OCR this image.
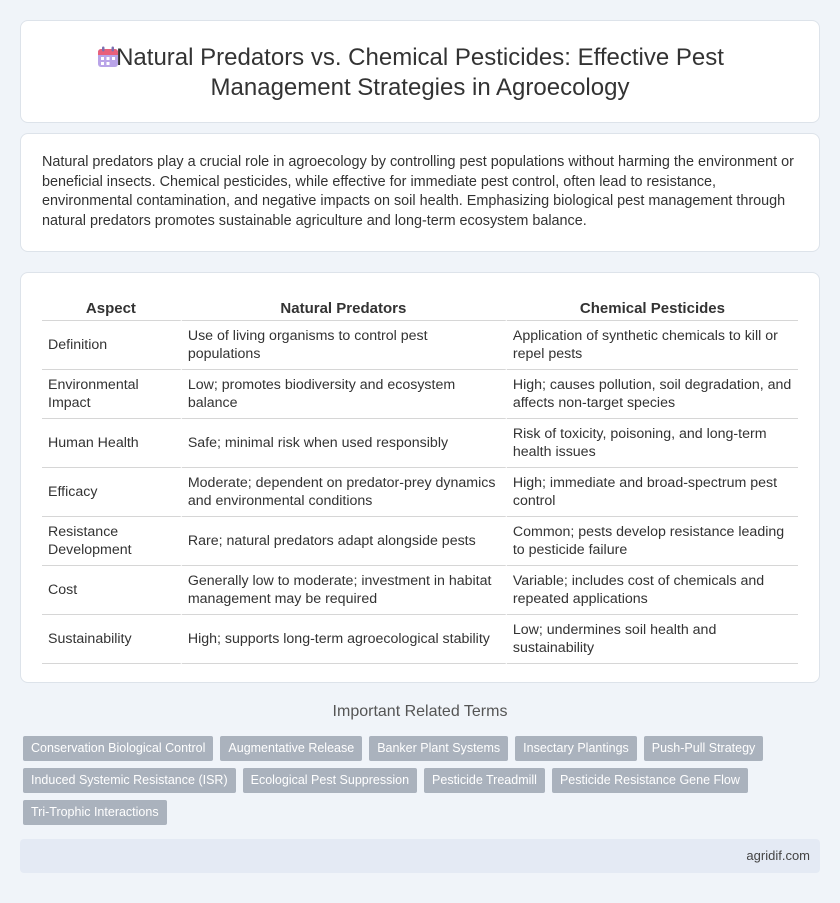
Natural Predators vs. Chemical Pesticides: Effective Pest Management Strategies in Agroecology

Natural predators play a crucial role in agroecology by controlling pest populations without harming the environment or beneficial insects. Chemical pesticides, while effective for immediate pest control, often lead to resistance, environmental contamination, and negative impacts on soil health. Emphasizing biological pest management through natural predators promotes sustainable agriculture and long-term ecosystem balance.

Aspect	Natural Predators	Chemical Pesticides
Definition	Use of living organisms to control pest populations	Application of synthetic chemicals to kill or repel pests
Environmental Impact	Low; promotes biodiversity and ecosystem balance	High; causes pollution, soil degradation, and affects non-target species
Human Health	Safe; minimal risk when used responsibly	Risk of toxicity, poisoning, and long-term health issues
Efficacy	Moderate; dependent on predator-prey dynamics and environmental conditions	High; immediate and broad-spectrum pest control
Resistance Development	Rare; natural predators adapt alongside pests	Common; pests develop resistance leading to pesticide failure
Cost	Generally low to moderate; investment in habitat management may be required	Variable; includes cost of chemicals and repeated applications
Sustainability	High; supports long-term agroecological stability	Low; undermines soil health and sustainability
Important Related Terms
Conservation Biological Control	Augmentative Release	Banker Plant Systems	Insectary Plantings	Push-Pull Strategy
Induced Systemic Resistance (ISR)	Ecological Pest Suppression	Pesticide Treadmill	Pesticide Resistance Gene Flow
Tri-Trophic Interactions
agridif.com
